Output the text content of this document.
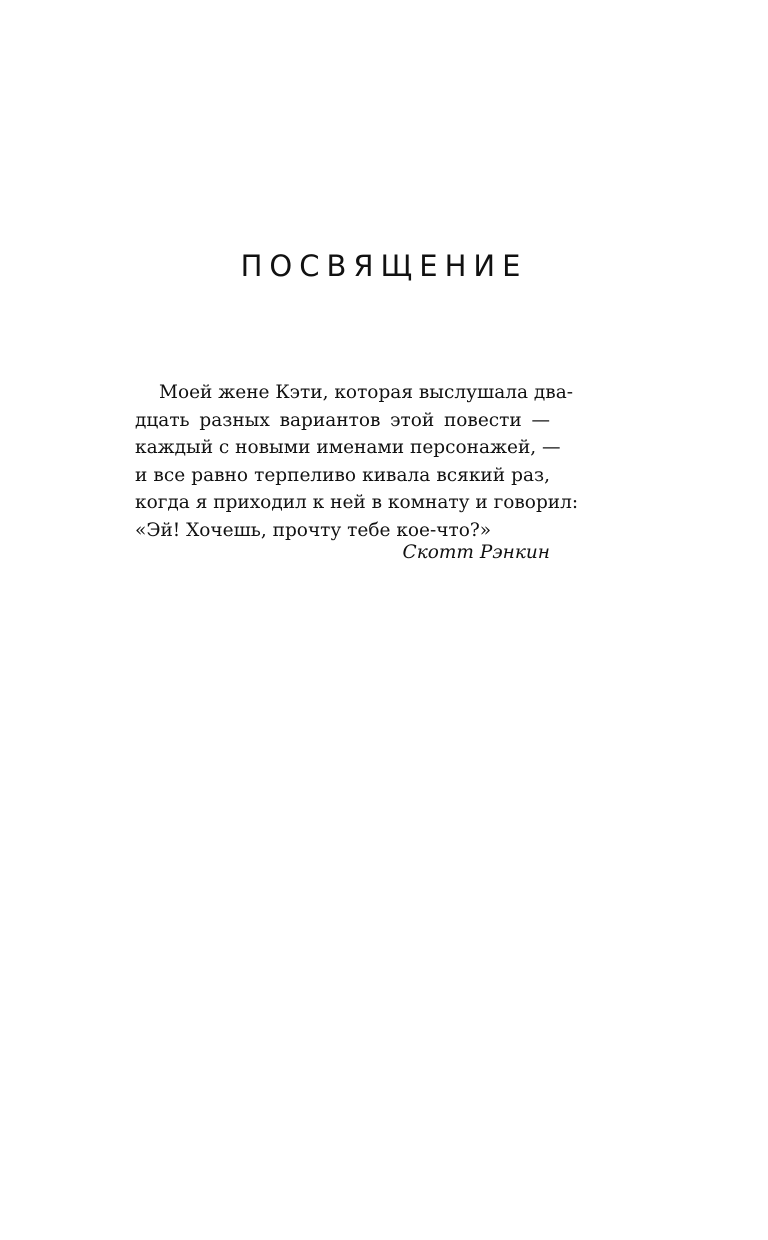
ПОСВЯЩЕНИЕ
Моей жене Кэти, которая выслушала два-
дцать разных вариантов этой повести —
каждый с новыми именами персонажей, —
и все равно терпеливо кивала всякий раз,
когда я приходил к ней в комнату и говорил:
«Эй! Хочешь, прочту тебе кое-что?»
Скотт Рэнкин
